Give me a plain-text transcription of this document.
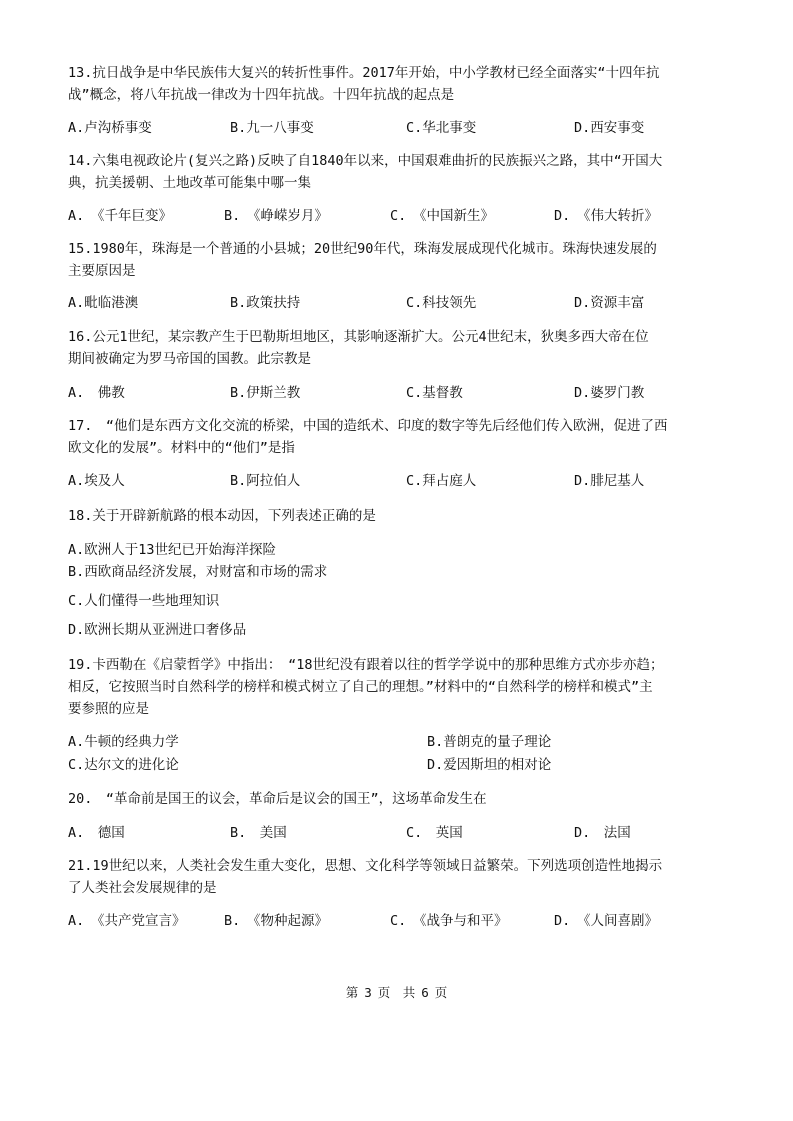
13.抗日战争是中华民族伟大复兴的转折性事件。2017年开始，中小学教材已经全面落实“十四年抗
战”概念，将八年抗战一律改为十四年抗战。十四年抗战的起点是
A.卢沟桥事变	B.九一八事变	C.华北事变	D.西安事变
14.六集电视政论片(复兴之路)反映了自1840年以来，中国艰难曲折的民族振兴之路，其中“开国大
典，抗美援朝、土地改革可能集中哪一集
A.　《千年巨变》	B.　《峥嵘岁月》	C.　《中国新生》	D.　《伟大转折》
15.1980年，珠海是一个普通的小县城；20世纪90年代，珠海发展成现代化城市。珠海快速发展的
主要原因是
A.毗临港澳	B.政策扶持	C.科技领先	D.资源丰富
16.公元1世纪，某宗教产生于巴勒斯坦地区，其影响逐渐扩大。公元4世纪末，狄奥多西大帝在位
期间被确定为罗马帝国的国教。此宗教是
A.　佛教	B.伊斯兰教	C.基督教	D.婆罗门教
17.　“他们是东西方文化交流的桥梁，中国的造纸术、印度的数字等先后经他们传入欧洲，促进了西
欧文化的发展”。材料中的“他们”是指
A.埃及人	B.阿拉伯人	C.拜占庭人	D.腓尼基人
18.关于开辟新航路的根本动因，下列表述正确的是
A.欧洲人于13世纪已开始海洋探险
B.西欧商品经济发展，对财富和市场的需求
C.人们懂得一些地理知识
D.欧洲长期从亚洲进口奢侈品
19.卡西勒在《启蒙哲学》中指出：　“18世纪没有跟着以往的哲学学说中的那种思维方式亦步亦趋；
相反，它按照当时自然科学的榜样和模式树立了自己的理想。”材料中的“自然科学的榜样和模式”主
要参照的应是
A.牛顿的经典力学	B.普朗克的量子理论
C.达尔文的进化论	D.爱因斯坦的相对论
20.　“革命前是国王的议会，革命后是议会的国王”，这场革命发生在
A.　德国	B.　美国	C.　英国	D.　法国
21.19世纪以来，人类社会发生重大变化，思想、文化科学等领域日益繁荣。下列选项创造性地揭示
了人类社会发展规律的是
A.　《共产党宣言》	B.　《物种起源》	C.　《战争与和平》	D.　《人间喜剧》
第 3 页　共 6 页
